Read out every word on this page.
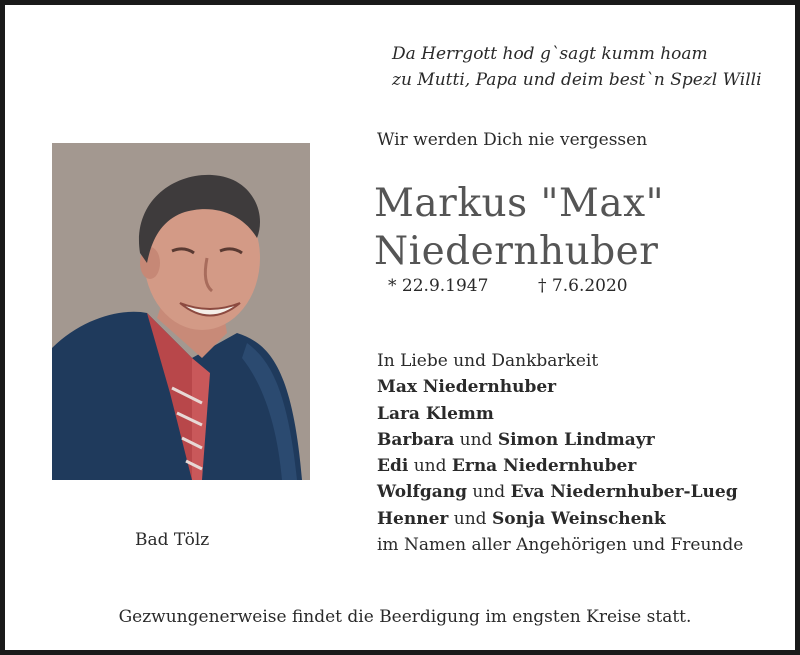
Da Herrgott hod g`sagt kumm hoam
zu Mutti, Papa und deim best`n Spezl Willi
Bad Tölz
Wir werden Dich nie vergessen
Markus "Max"
Niedernhuber
* 22.9.1947	† 7.6.2020
In Liebe und Dankbarkeit
Max Niedernhuber
Lara Klemm
Barbara und Simon Lindmayr
Edi und Erna Niedernhuber
Wolfgang und Eva Niedernhuber-Lueg
Henner und Sonja Weinschenk
im Namen aller Angehörigen und Freunde
Gezwungenerweise findet die Beerdigung im engsten Kreise statt.
